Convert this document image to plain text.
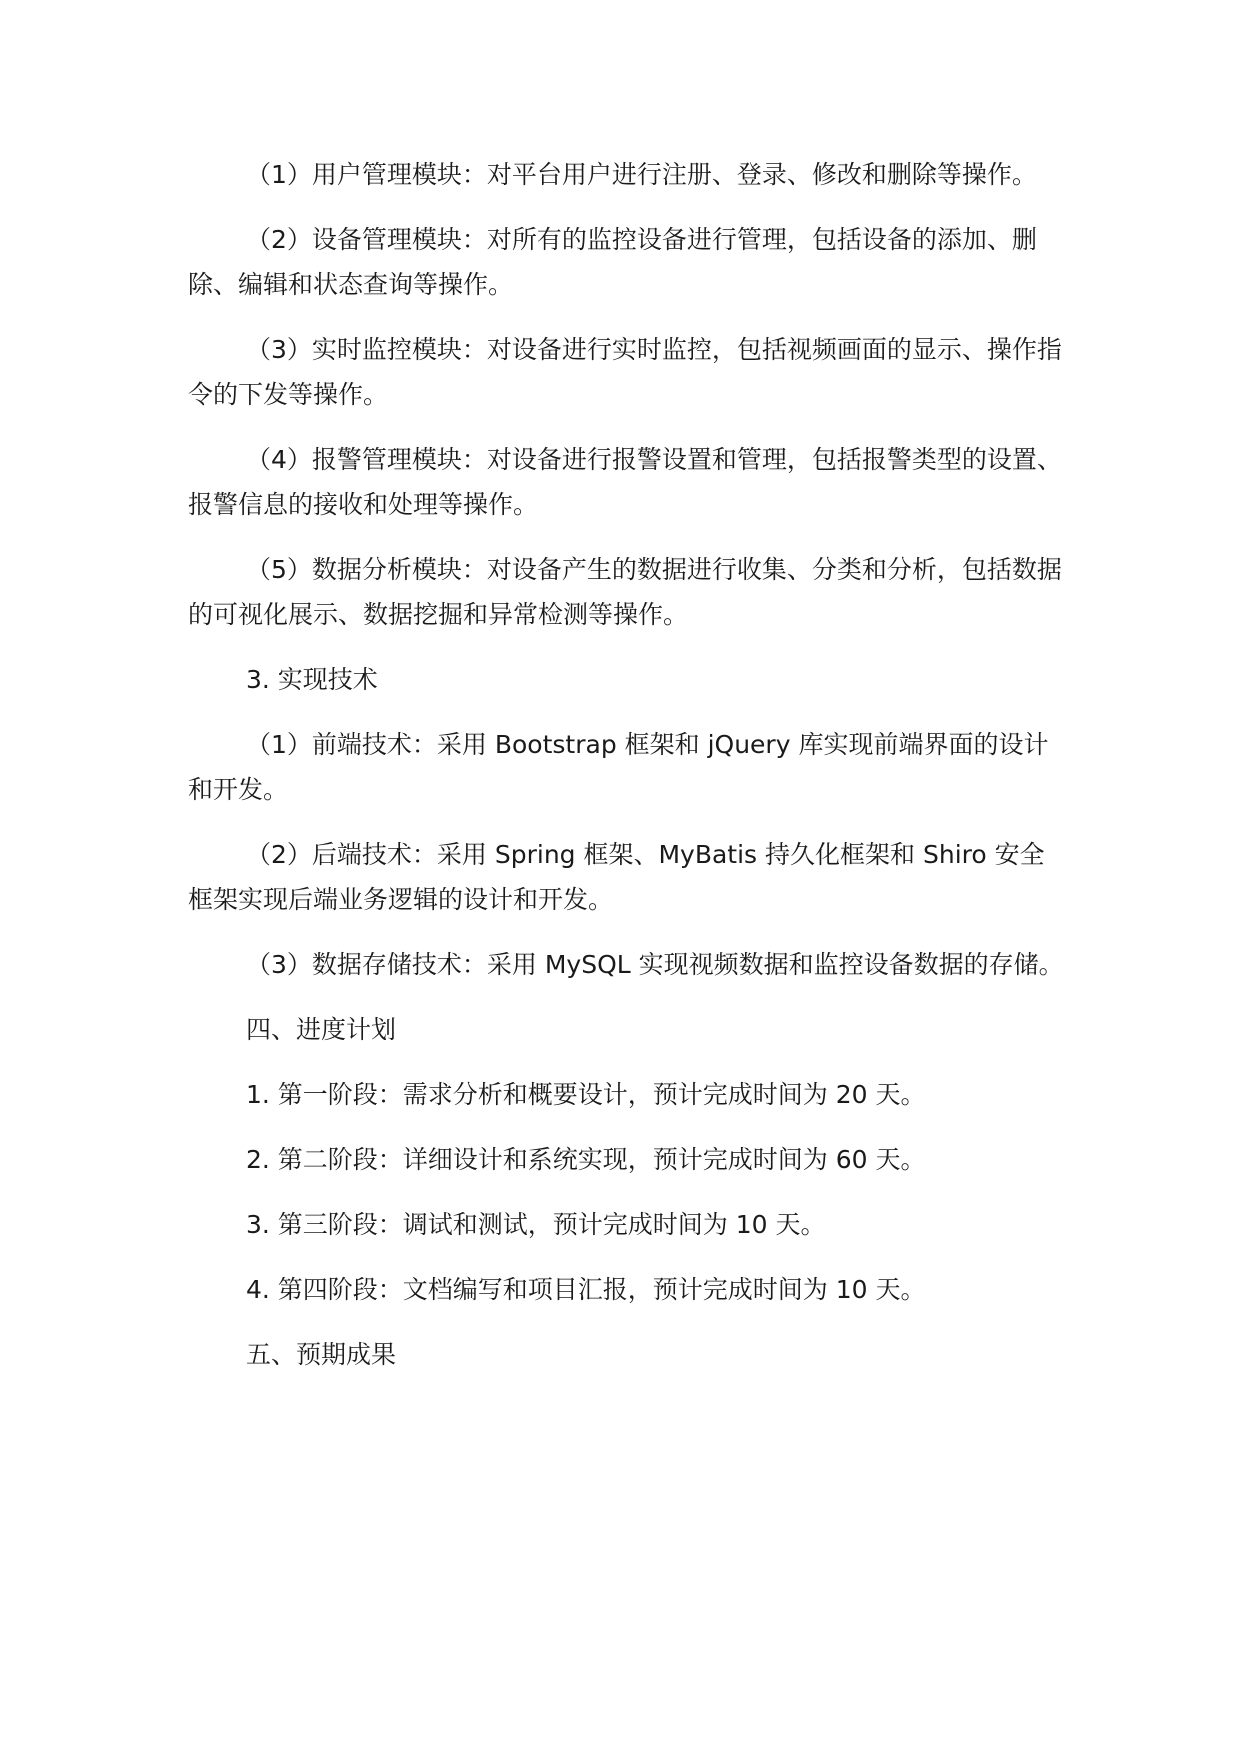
（1）用户管理模块：对平台用户进行注册、登录、修改和删除等操作。

（2）设备管理模块：对所有的监控设备进行管理，包括设备的添加、删除、编辑和状态查询等操作。

（3）实时监控模块：对设备进行实时监控，包括视频画面的显示、操作指令的下发等操作。

（4）报警管理模块：对设备进行报警设置和管理，包括报警类型的设置、报警信息的接收和处理等操作。

（5）数据分析模块：对设备产生的数据进行收集、分类和分析，包括数据的可视化展示、数据挖掘和异常检测等操作。

3. 实现技术

（1）前端技术：采用 Bootstrap 框架和 jQuery 库实现前端界面的设计和开发。

（2）后端技术：采用 Spring 框架、MyBatis 持久化框架和 Shiro 安全框架实现后端业务逻辑的设计和开发。

（3）数据存储技术：采用 MySQL 实现视频数据和监控设备数据的存储。

四、进度计划

1. 第一阶段：需求分析和概要设计，预计完成时间为 20 天。

2. 第二阶段：详细设计和系统实现，预计完成时间为 60 天。

3. 第三阶段：调试和测试，预计完成时间为 10 天。

4. 第四阶段：文档编写和项目汇报，预计完成时间为 10 天。

五、预期成果
